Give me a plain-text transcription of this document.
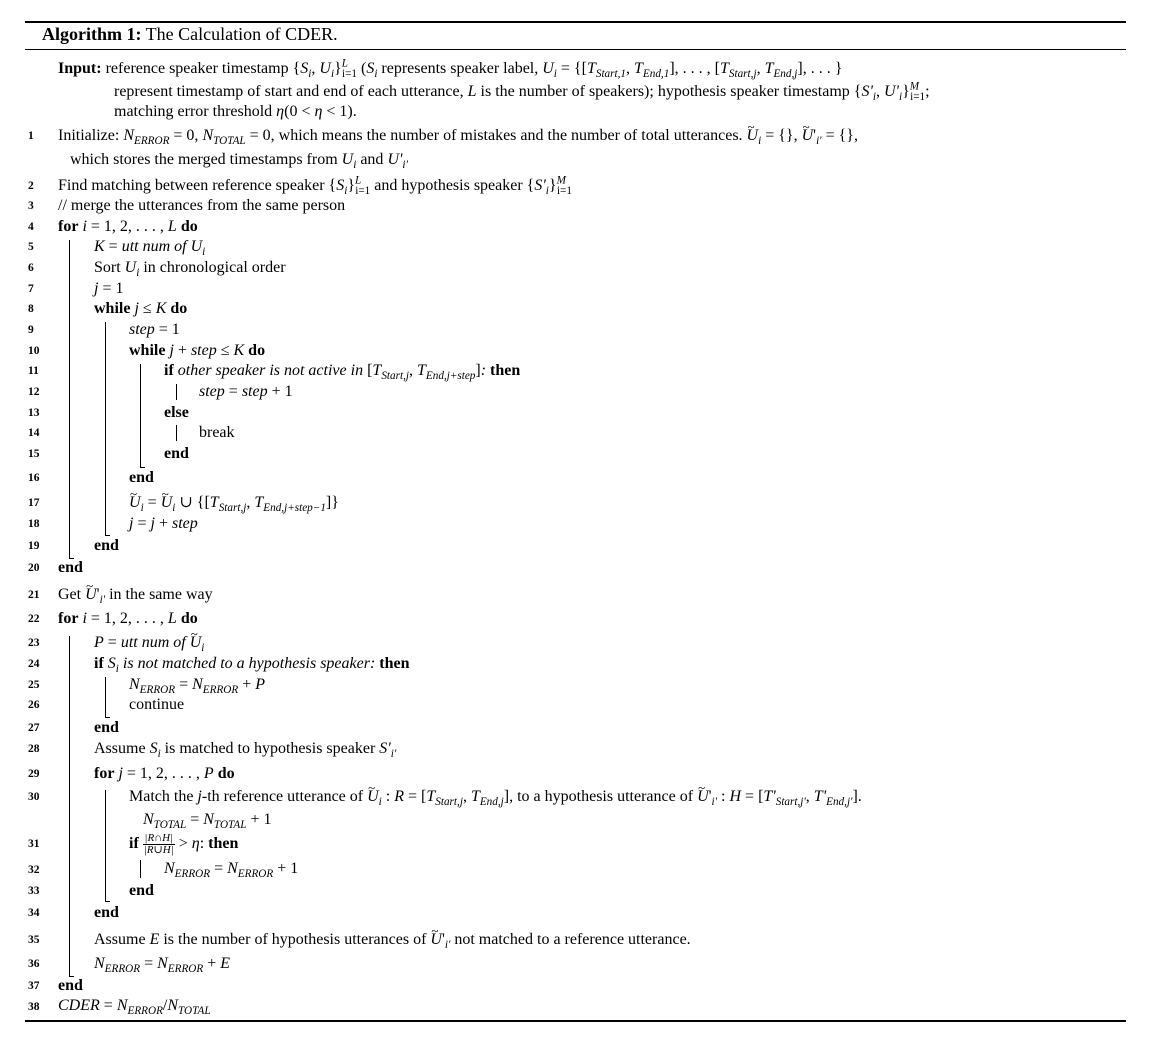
Algorithm 1: The Calculation of CDER.
Input: reference speaker timestamp {$S_i$, $U_i\}^L_{i=1}$ ($S_i$ represents speaker label, $U_i = \{[T_{Start,1}$, $T_{End,1}$], . . . , [$T_{Start,j}$, $T_{End,j}$], . . . }
represent timestamp of start and end of each utterance, L is the number of speakers); hypothesis speaker timestamp {$S'_i$, $U'_i\}^M_{i=1}$;
matching error threshold η(0 < η < 1).
1	Initialize: $N_{ERROR} = 0$, $N_{TOTAL} = 0$, which means the number of mistakes and the number of total utterances. ~ $U_i$ = {}, ~ $U'_{i'}$ = {},
which stores the merged timestamps from $U_i$ and $U'_{i'}$
2	Find matching between reference speaker $\{S_i\}^L_{i=1}$ and hypothesis speaker $\{S'_i\}^M_{i=1}$
3	// merge the utterances from the same person
4	for i = 1, 2, . . . , L do
5	K = utt num of $U_i$
6	Sort $U_i$ in chronological order
7	j = 1
8	while j ≤ K do
9	step = 1
10	while j + step ≤ K do
11	if other speaker is not active in [$T_{Start,j}$, $T_{End,j+step}$]: then
12	step = step + 1
13	else
14	break
15	end
16	end
17	~ $U_i$ = ~ $U_i$ ∪ {[$T_{Start,j}$, $T_{End,j+step-1}$]}
18	j = j + step
19	end
20	end
21	Get ~ $U'_{i'}$ in the same way
22	for i = 1, 2, . . . , L do
23	P = utt num of ~ $U_i$
24	if $S_i$ is not matched to a hypothesis speaker: then
25	$N_{ERROR} = N_{ERROR} + P$
26	continue
27	end
28	Assume $S_i$ is matched to hypothesis speaker $S'_{i'}$
29	for j = 1, 2, . . . , P do
30	Match the j-th reference utterance of ~ $U_i$ : $R = [T_{Start,j}$, $T_{End,j}$], to a hypothesis utterance of ~ $U'_{i'}$ : $H = [T'_{Start,j'}$, $T'_{End,j'}$].
$N_{TOTAL} = N_{TOTAL} + 1$
31	if $\frac{|R\cap H|}{|R\cup H|} > \eta$: then
32	$N_{ERROR} = N_{ERROR} + 1$
33	end
34	end
35	Assume E is the number of hypothesis utterances of ~ $U'_{i'}$ not matched to a reference utterance.
36	$N_{ERROR} = N_{ERROR} + E$
37	end
38	CDER = $N_{ERROR}/N_{TOTAL}$
